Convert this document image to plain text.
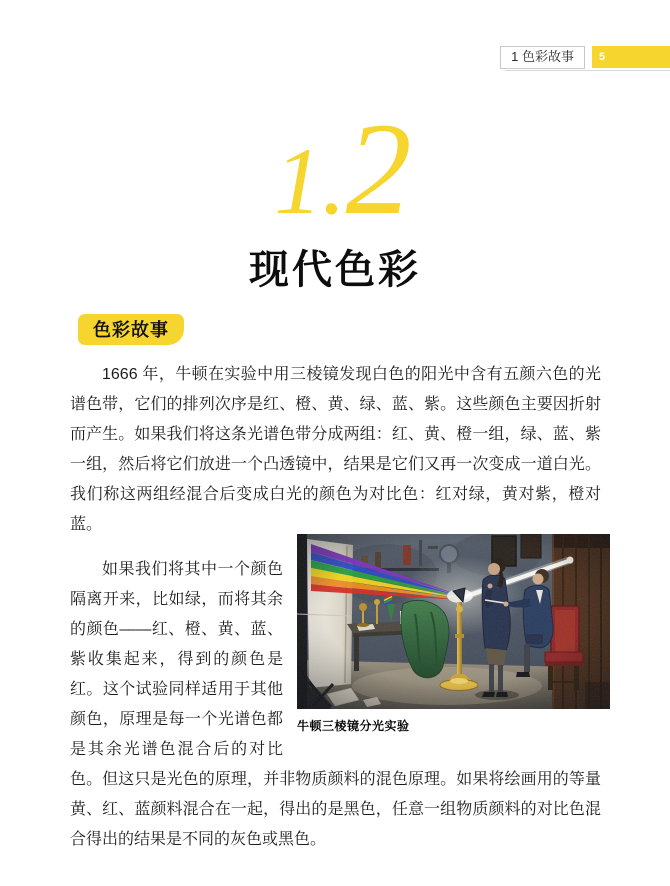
1 色彩故事	5
1.2
现代色彩
色彩故事

1666 年，牛顿在实验中用三棱镜发现白色的阳光中含有五颜六色的光谱色带，它们的排列次序是红、橙、黄、绿、蓝、紫。这些颜色主要因折射而产生。如果我们将这条光谱色带分成两组：红、黄、橙一组，绿、蓝、紫一组，然后将它们放进一个凸透镜中，结果是它们又再一次变成一道白光。我们称这两组经混合后变成白光的颜色为对比色：红对绿，黄对紫，橙对蓝。

牛顿三棱镜分光实验

如果我们将其中一个颜色隔离开来，比如绿，而将其余的颜色——红、橙、黄、蓝、紫收集起来，得到的颜色是红。这个试验同样适用于其他颜色，原理是每一个光谱色都是其余光谱色混合后的对比色。但这只是光色的原理，并非物质颜料的混色原理。如果将绘画用的等量黄、红、蓝颜料混合在一起，得出的是黑色，任意一组物质颜料的对比色混合得出的结果是不同的灰色或黑色。
